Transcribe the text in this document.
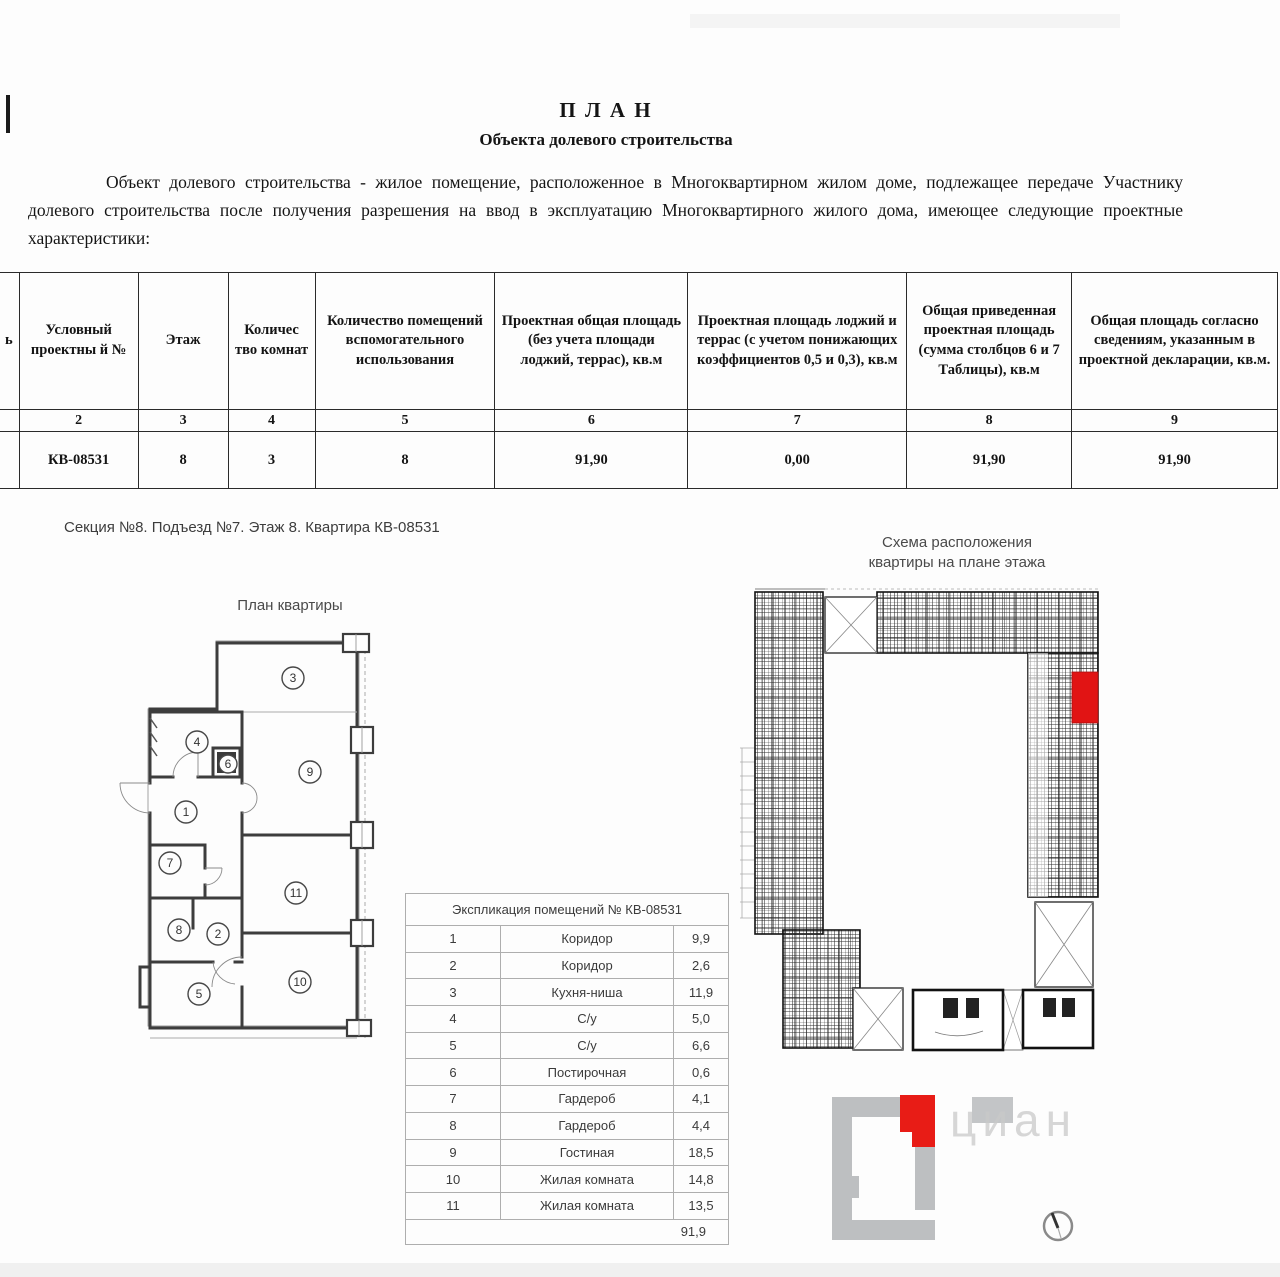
П Л А Н
Объекта долевого строительства
Объект долевого строительства - жилое помещение, расположенное в Многоквартирном жилом доме, подлежащее передаче Участнику долевого строительства после получения разрешения на ввод в эксплуатацию Многоквартирного жилого дома, имеющее следующие проектные характеристики:
ь	Условный проектны й №	Этаж	Количес тво комнат	Количество помещений вспомогательного использования	Проектная общая площадь (без учета площади лоджий, террас), кв.м	Проектная площадь лоджий и террас (с учетом понижающих коэффициентов 0,5 и 0,3), кв.м	Общая приведенная проектная площадь (сумма столбцов 6 и 7 Таблицы), кв.м	Общая площадь согласно сведениям, указанным в проектной декларации, кв.м.
	2	3	4	5	6	7	8	9
	КВ-08531	8	3	8	91,90	0,00	91,90	91,90
Секция №8. Подъезд №7. Этаж 8. Квартира КВ-08531
Схема расположения
квартиры на плане этажа
План квартиры
1
2
3
4
5
6
7
8
9
10
11
Экспликация помещений № КВ-08531		
1	Коридор	9,9
2	Коридор	2,6
3	Кухня-ниша	11,9
4	С/у	5,0
5	С/у	6,6
6	Постирочная	0,6
7	Гардероб	4,1
8	Гардероб	4,4
9	Гостиная	18,5
10	Жилая комната	14,8
11	Жилая комната	13,5
91,9		
циан
